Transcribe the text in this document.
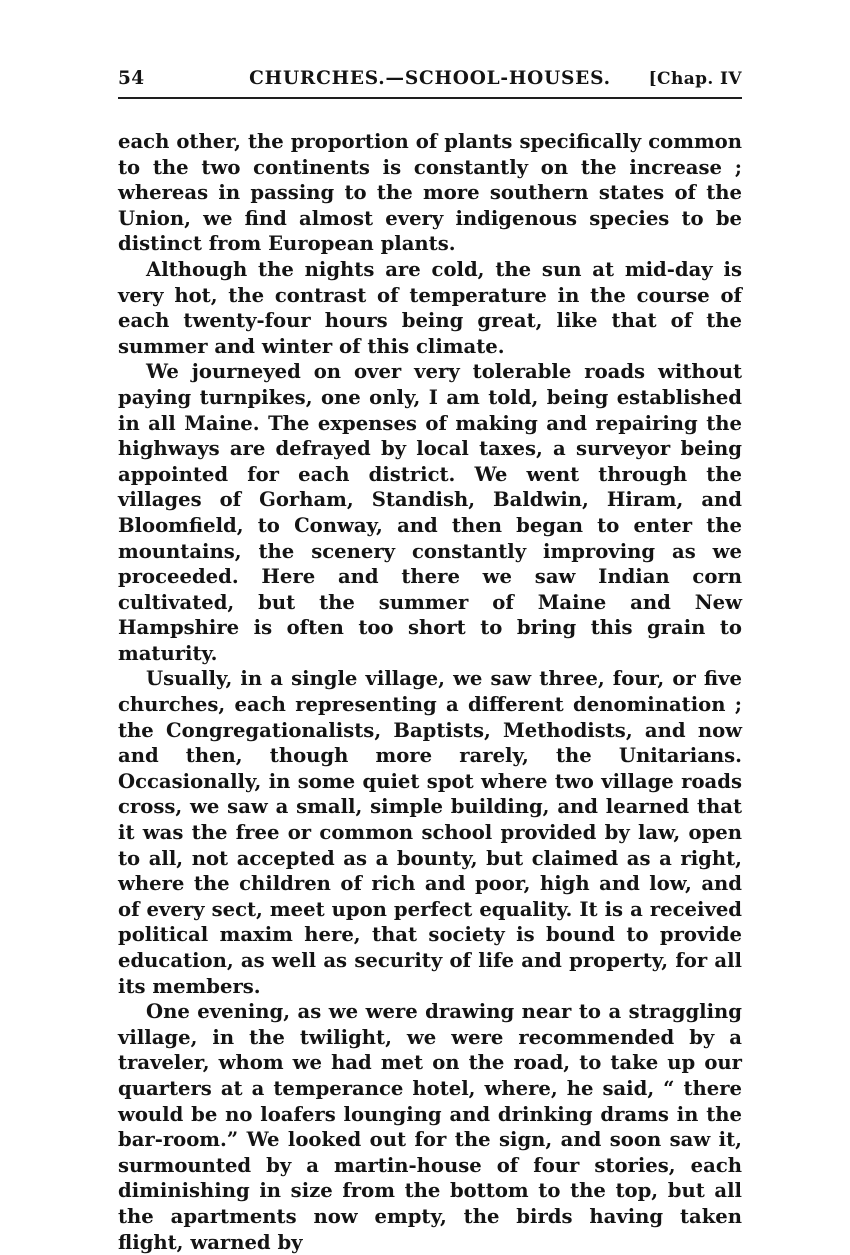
54	CHURCHES.—SCHOOL-HOUSES.	[Chap. IV

each other, the proportion of plants specifically common to the two continents is constantly on the increase ; whereas in passing to the more southern states of the Union, we find almost every indigenous species to be distinct from European plants.

Although the nights are cold, the sun at mid-day is very hot, the contrast of temperature in the course of each twenty-four hours being great, like that of the summer and winter of this climate.

We journeyed on over very tolerable roads without paying turnpikes, one only, I am told, being established in all Maine. The expenses of making and repairing the highways are defrayed by local taxes, a surveyor being appointed for each district. We went through the villages of Gorham, Standish, Baldwin, Hiram, and Bloomfield, to Conway, and then began to enter the mountains, the scenery constantly improving as we proceeded. Here and there we saw Indian corn cultivated, but the summer of Maine and New Hampshire is often too short to bring this grain to maturity.

Usually, in a single village, we saw three, four, or five churches, each representing a different denomination ; the Congregationalists, Baptists, Methodists, and now and then, though more rarely, the Unitarians. Occasionally, in some quiet spot where two village roads cross, we saw a small, simple building, and learned that it was the free or common school provided by law, open to all, not accepted as a bounty, but claimed as a right, where the children of rich and poor, high and low, and of every sect, meet upon perfect equality. It is a received political maxim here, that society is bound to provide education, as well as security of life and property, for all its members.

One evening, as we were drawing near to a straggling village, in the twilight, we were recommended by a traveler, whom we had met on the road, to take up our quarters at a temperance hotel, where, he said, “ there would be no loafers lounging and drinking drams in the bar-room.” We looked out for the sign, and soon saw it, surmounted by a martin-house of four stories, each diminishing in size from the bottom to the top, but all the apartments now empty, the birds having taken flight, warned by
